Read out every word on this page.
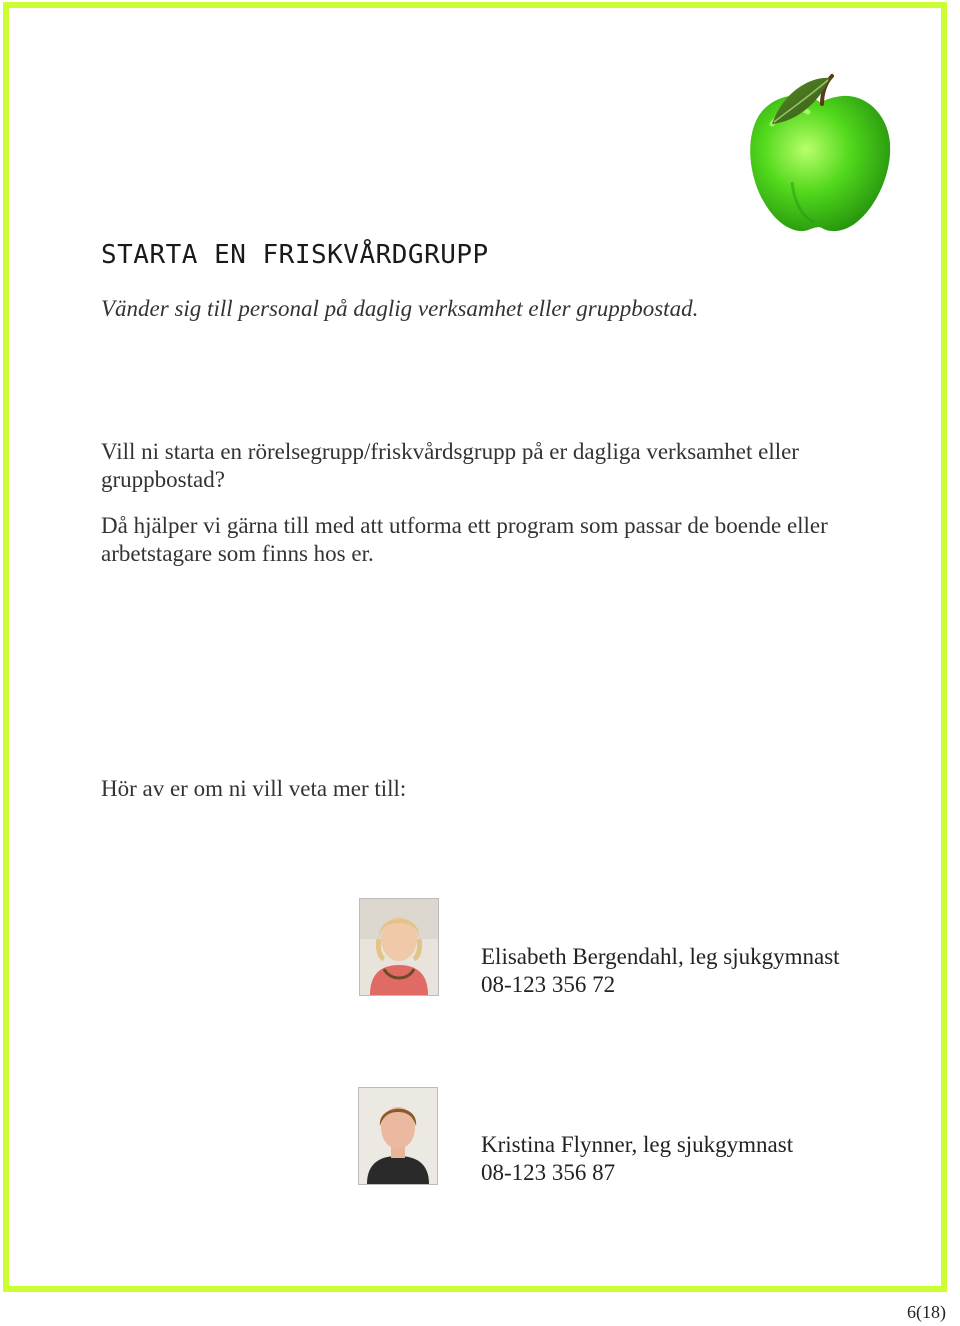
STARTA EN FRISKVÅRDGRUPP

Vänder sig till personal på daglig verksamhet eller gruppbostad.

Vill ni starta en rörelsegrupp/friskvårdsgrupp på er dagliga verksamhet eller gruppbostad?

Då hjälper vi gärna till med att utforma ett program som passar de boende eller arbetstagare som finns hos er.

Hör av er om ni vill veta mer till:

Elisabeth Bergendahl, leg sjukgymnast
08-123 356 72
Kristina Flynner, leg sjukgymnast
08-123 356 87
6(18)
